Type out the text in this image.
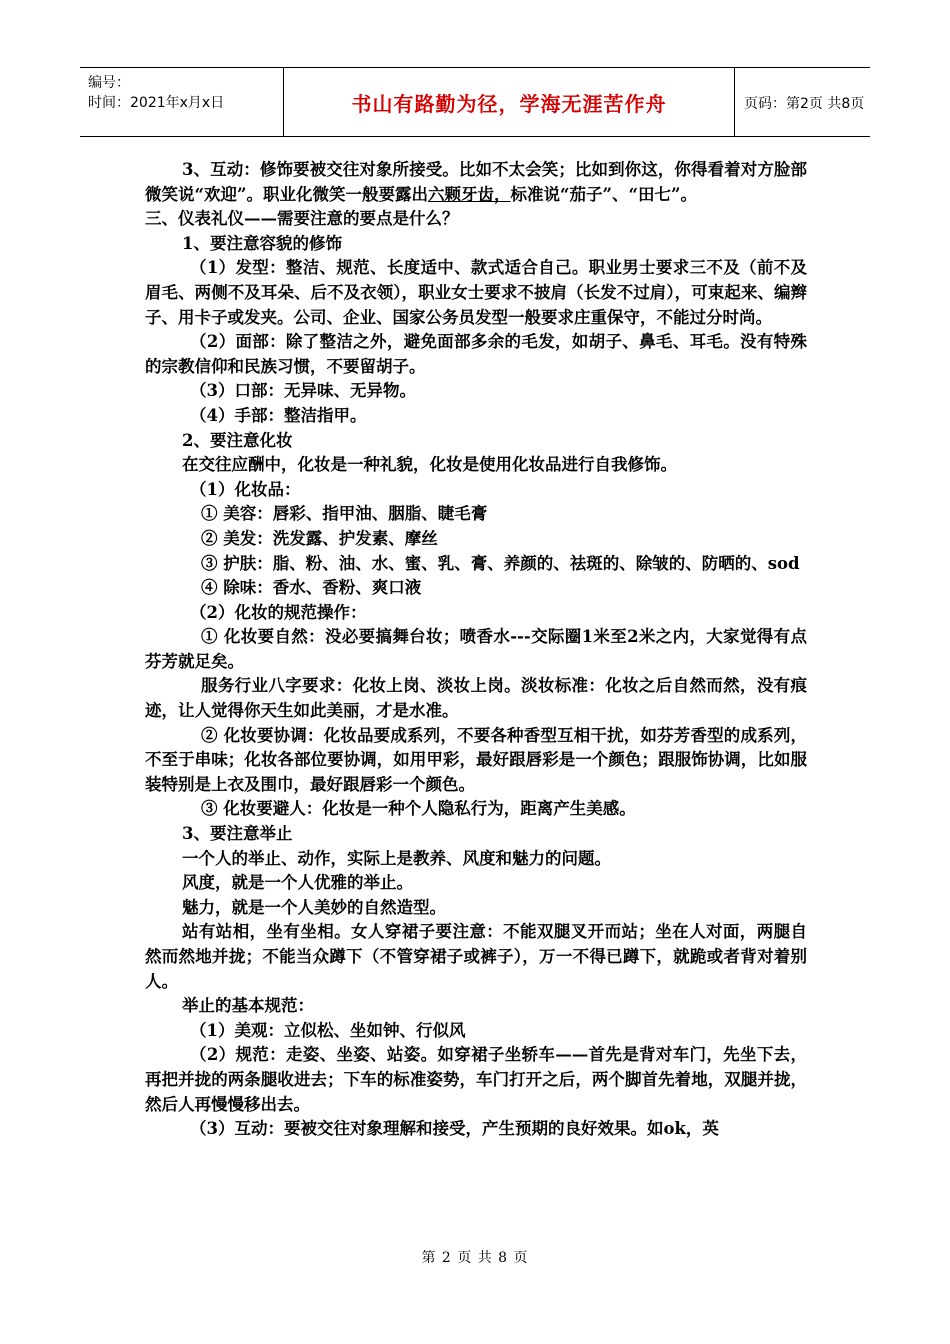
编号：
时间：2021年x月x日	书山有路勤为径，学海无涯苦作舟	页码：第2页 共8页

3、互动：修饰要被交往对象所接受。比如不太会笑；比如到你这，你得看着对方脸部微笑说“欢迎”。职业化微笑一般要露出六颗牙齿，标准说“茄子”、“田七”。

三、仪表礼仪——需要注意的要点是什么？

1、要注意容貌的修饰

（1）发型：整洁、规范、长度适中、款式适合自己。职业男士要求三不及（前不及眉毛、两侧不及耳朵、后不及衣领），职业女士要求不披肩（长发不过肩），可束起来、编辫子、用卡子或发夹。公司、企业、国家公务员发型一般要求庄重保守，不能过分时尚。

（2）面部：除了整洁之外，避免面部多余的毛发，如胡子、鼻毛、耳毛。没有特殊的宗教信仰和民族习惯，不要留胡子。

（3）口部：无异味、无异物。

（4）手部：整洁指甲。

2、要注意化妆

在交往应酬中，化妆是一种礼貌，化妆是使用化妆品进行自我修饰。

（1）化妆品：

① 美容：唇彩、指甲油、胭脂、睫毛膏

② 美发：洗发露、护发素、摩丝

③ 护肤：脂、粉、油、水、蜜、乳、膏、养颜的、祛斑的、除皱的、防晒的、sod

④ 除味：香水、香粉、爽口液

（2）化妆的规范操作：

① 化妆要自然：没必要搞舞台妆；喷香水---交际圈1米至2米之内，大家觉得有点芬芳就足矣。

服务行业八字要求：化妆上岗、淡妆上岗。淡妆标准：化妆之后自然而然，没有痕迹，让人觉得你天生如此美丽，才是水准。

② 化妆要协调：化妆品要成系列，不要各种香型互相干扰，如芬芳香型的成系列，不至于串味；化妆各部位要协调，如用甲彩，最好跟唇彩是一个颜色；跟服饰协调，比如服装特别是上衣及围巾，最好跟唇彩一个颜色。

③ 化妆要避人：化妆是一种个人隐私行为，距离产生美感。

3、要注意举止

一个人的举止、动作，实际上是教养、风度和魅力的问题。

风度，就是一个人优雅的举止。

魅力，就是一个人美妙的自然造型。

站有站相，坐有坐相。女人穿裙子要注意：不能双腿叉开而站；坐在人对面，两腿自然而然地并拢；不能当众蹲下（不管穿裙子或裤子），万一不得已蹲下，就跪或者背对着别人。

举止的基本规范：

（1）美观：立似松、坐如钟、行似风

（2）规范：走姿、坐姿、站姿。如穿裙子坐轿车——首先是背对车门，先坐下去，再把并拢的两条腿收进去；下车的标准姿势，车门打开之后，两个脚首先着地，双腿并拢，然后人再慢慢移出去。

（3）互动：要被交往对象理解和接受，产生预期的良好效果。如ok，英

第 2 页 共 8 页
